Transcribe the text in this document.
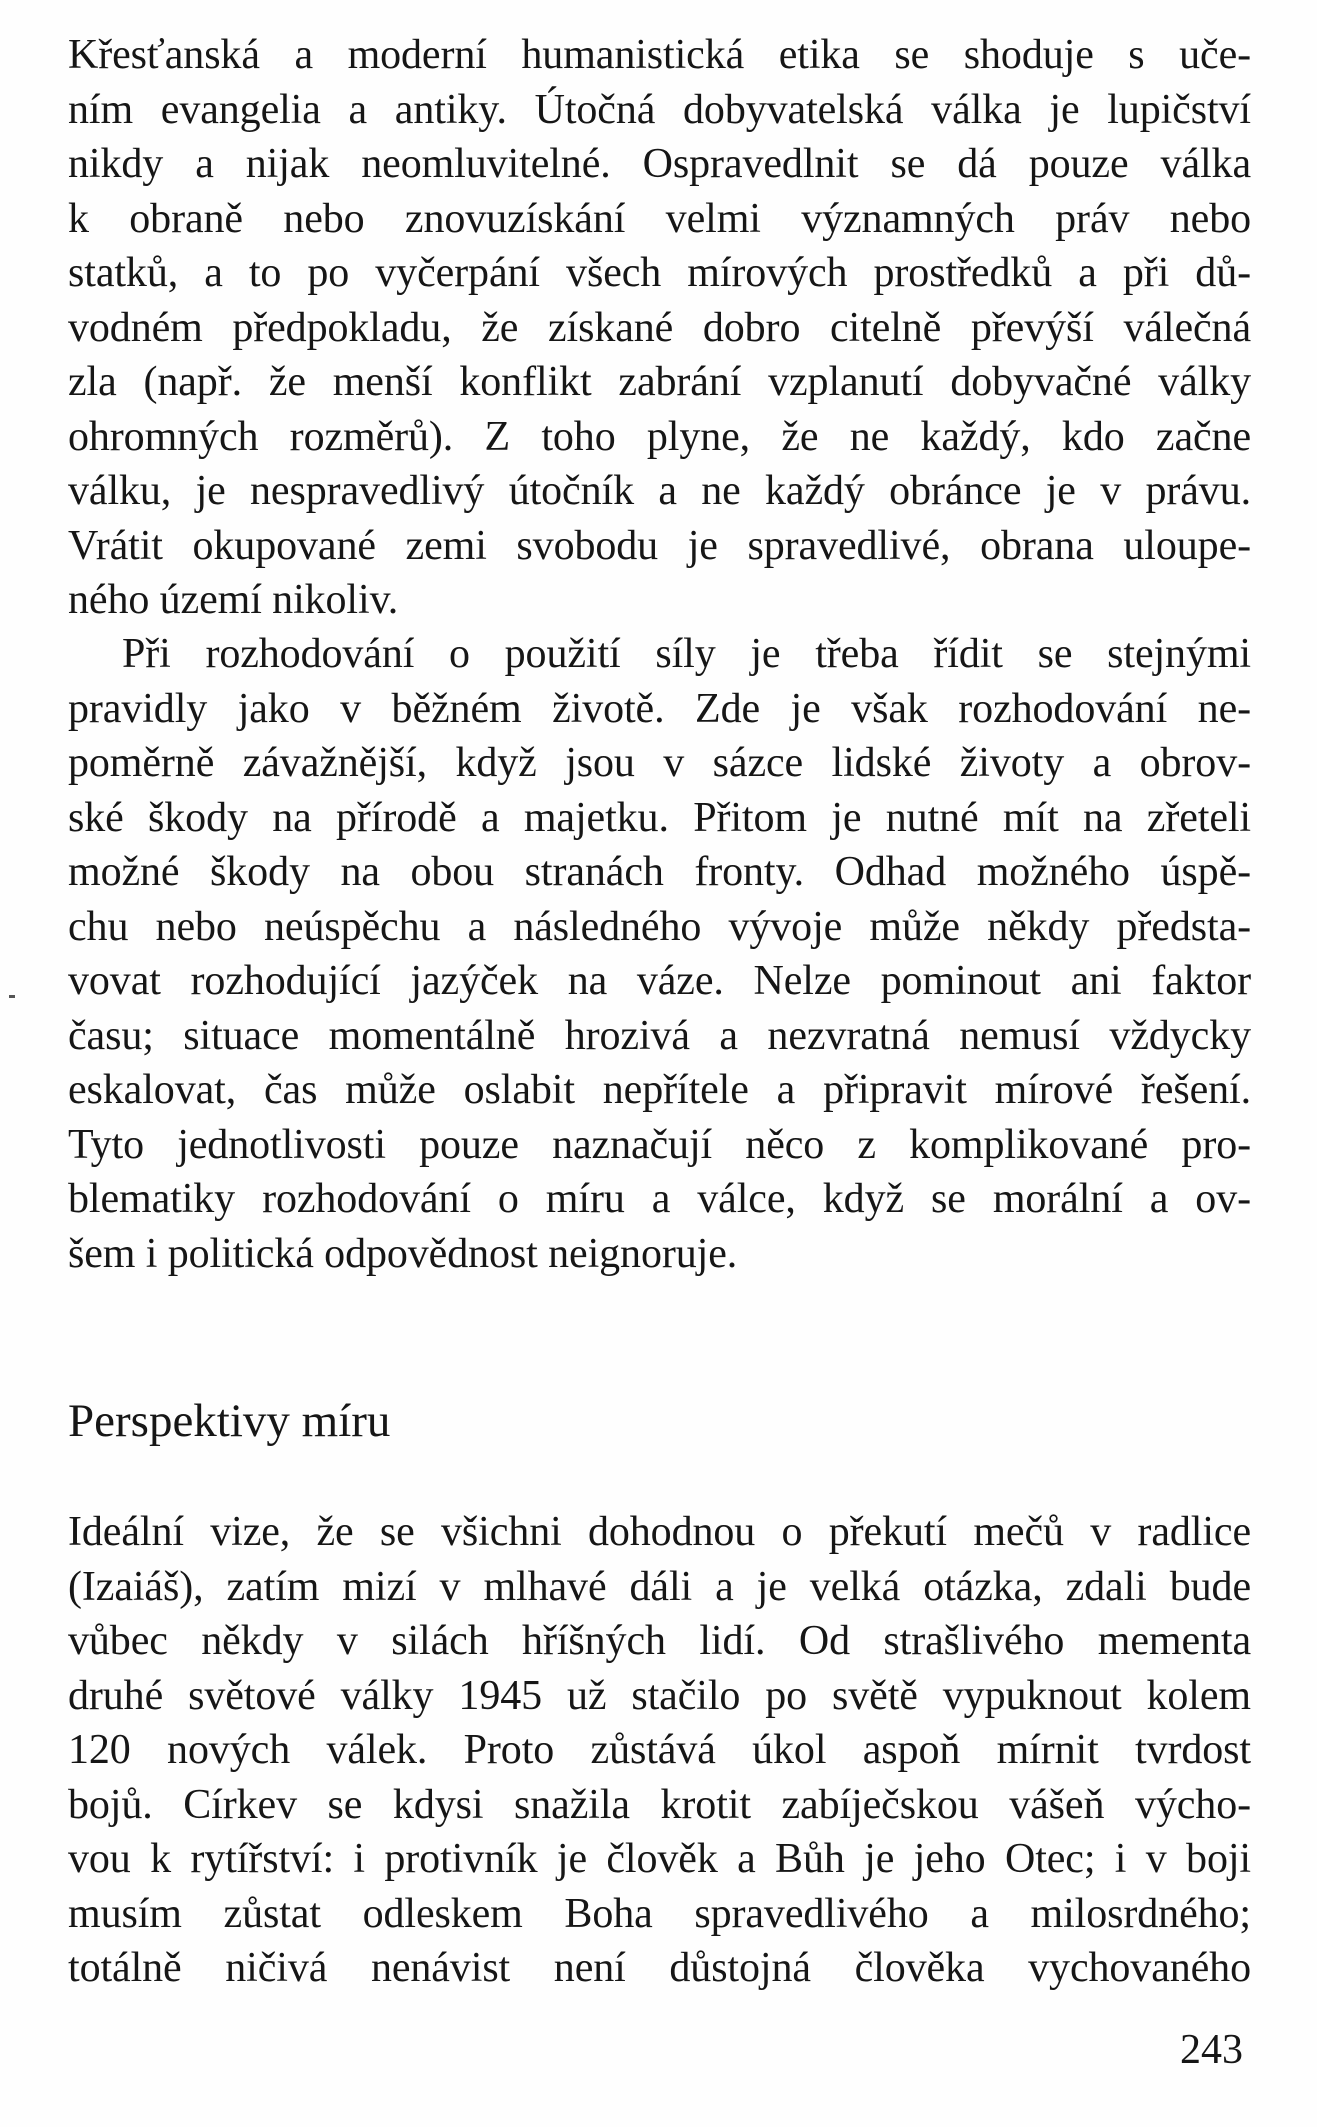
Křesťanská a moderní humanistická etika se shoduje s uče-
ním evangelia a antiky. Útočná dobyvatelská válka je lupičství
nikdy a nijak neomluvitelné. Ospravedlnit se dá pouze válka
k obraně nebo znovuzískání velmi významných práv nebo
statků, a to po vyčerpání všech mírových prostředků a při dů-
vodném předpokladu, že získané dobro citelně převýší válečná
zla (např. že menší konflikt zabrání vzplanutí dobyvačné války
ohromných rozměrů). Z toho plyne, že ne každý, kdo začne
válku, je nespravedlivý útočník a ne každý obránce je v právu.
Vrátit okupované zemi svobodu je spravedlivé, obrana uloupe-
ného území nikoliv.
Při rozhodování o použití síly je třeba řídit se stejnými
pravidly jako v běžném životě. Zde je však rozhodování ne-
poměrně závažnější, když jsou v sázce lidské životy a obrov-
ské škody na přírodě a majetku. Přitom je nutné mít na zřeteli
možné škody na obou stranách fronty. Odhad možného úspě-
chu nebo neúspěchu a následného vývoje může někdy předsta-
vovat rozhodující jazýček na váze. Nelze pominout ani faktor
času; situace momentálně hrozivá a nezvratná nemusí vždycky
eskalovat, čas může oslabit nepřítele a připravit mírové řešení.
Tyto jednotlivosti pouze naznačují něco z komplikované pro-
blematiky rozhodování o míru a válce, když se morální a ov-
šem i politická odpovědnost neignoruje.
Perspektivy míru
Ideální vize, že se všichni dohodnou o překutí mečů v radlice
(Izaiáš), zatím mizí v mlhavé dáli a je velká otázka, zdali bude
vůbec někdy v silách hříšných lidí. Od strašlivého mementa
druhé světové války 1945 už stačilo po světě vypuknout kolem
120 nových válek. Proto zůstává úkol aspoň mírnit tvrdost
bojů. Církev se kdysi snažila krotit zabíječskou vášeň výcho-
vou k rytířství: i protivník je člověk a Bůh je jeho Otec; i v boji
musím zůstat odleskem Boha spravedlivého a milosrdného;
totálně ničivá nenávist není důstojná člověka vychovaného
243
